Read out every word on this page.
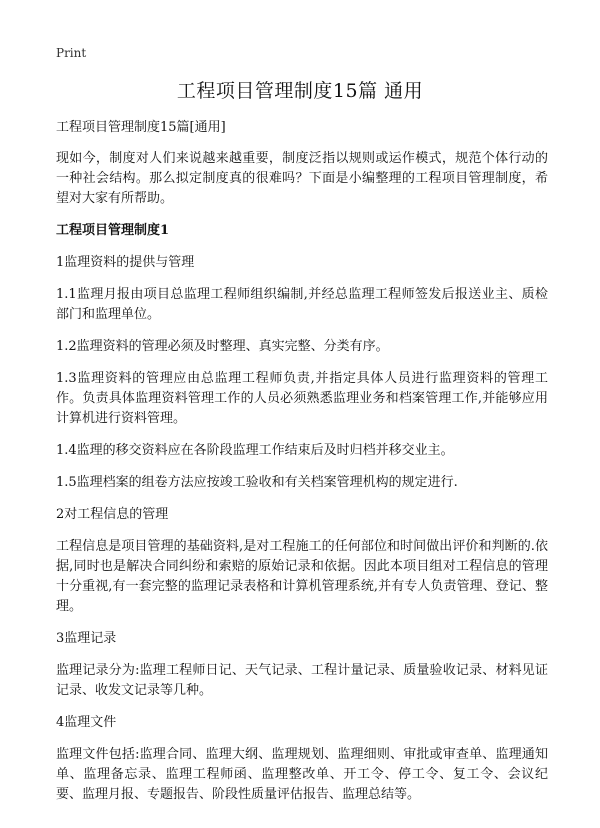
Print
工程项目管理制度15篇 通用

工程项目管理制度15篇[通用]

现如今，制度对人们来说越来越重要，制度泛指以规则或运作模式，规范个体行动的一种社会结构。那么拟定制度真的很难吗？下面是小编整理的工程项目管理制度，希望对大家有所帮助。

工程项目管理制度1

1监理资料的提供与管理

1.1监理月报由项目总监理工程师组织编制,并经总监理工程师签发后报送业主、质检部门和监理单位。

1.2监理资料的管理必须及时整理、真实完整、分类有序。

1.3监理资料的管理应由总监理工程师负责,并指定具体人员进行监理资料的管理工作。负责具体监理资料管理工作的人员必须熟悉监理业务和档案管理工作,并能够应用计算机进行资料管理。

1.4监理的移交资料应在各阶段监理工作结束后及时归档并移交业主。

1.5监理档案的组卷方法应按竣工验收和有关档案管理机构的规定进行.

2对工程信息的管理

工程信息是项目管理的基础资料,是对工程施工的任何部位和时间做出评价和判断的.依据,同时也是解决合同纠纷和索赔的原始记录和依据。因此本项目组对工程信息的管理十分重视,有一套完整的监理记录表格和计算机管理系统,并有专人负责管理、登记、整理。

3监理记录

监理记录分为:监理工程师日记、天气记录、工程计量记录、质量验收记录、材料见证记录、收发文记录等几种。

4监理文件

监理文件包括:监理合同、监理大纲、监理规划、监理细则、审批或审查单、监理通知单、监理备忘录、监理工程师函、监理整改单、开工令、停工令、复工令、会议纪要、监理月报、专题报告、阶段性质量评估报告、监理总结等。
